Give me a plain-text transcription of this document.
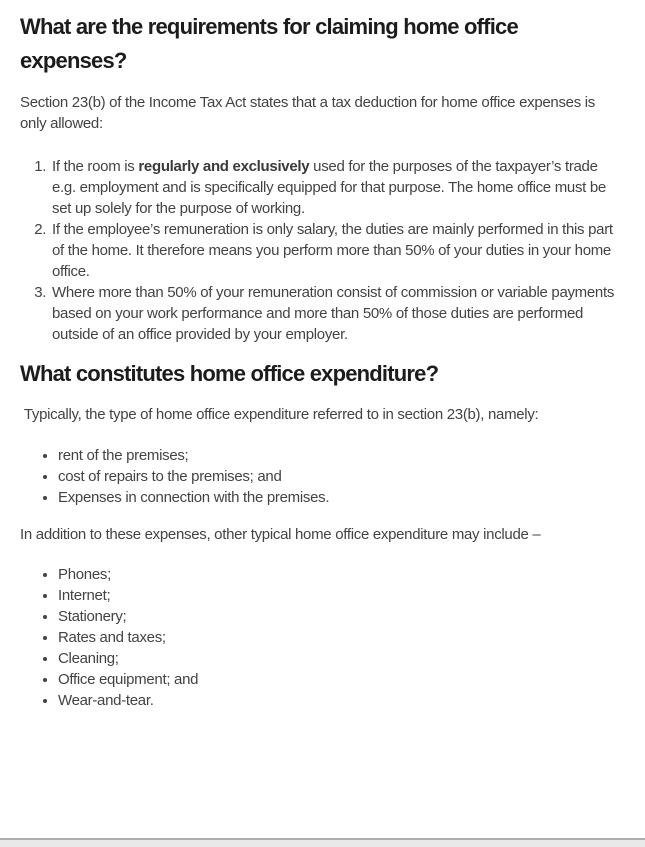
What are the requirements for claiming home office expenses?

Section 23(b) of the Income Tax Act states that a tax deduction for home office expenses is only allowed:

1. If the room is regularly and exclusively used for the purposes of the taxpayer’s trade e.g. employment and is specifically equipped for that purpose. The home office must be set up solely for the purpose of working.
2. If the employee’s remuneration is only salary, the duties are mainly performed in this part of the home. It therefore means you perform more than 50% of your duties in your home office.
3. Where more than 50% of your remuneration consist of commission or variable payments based on your work performance and more than 50% of those duties are performed outside of an office provided by your employer.
What constitutes home office expenditure?

Typically, the type of home office expenditure referred to in section 23(b), namely:

rent of the premises;
cost of repairs to the premises; and
Expenses in connection with the premises.

In addition to these expenses, other typical home office expenditure may include –

Phones;
Internet;
Stationery;
Rates and taxes;
Cleaning;
Office equipment; and
Wear-and-tear.
